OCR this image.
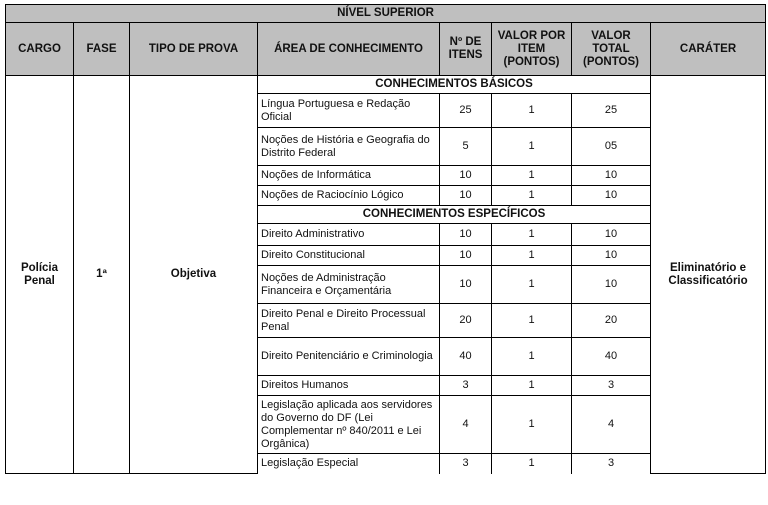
NÍVEL SUPERIOR							
CARGO	FASE	TIPO DE PROVA	ÁREA DE CONHECIMENTO	Nº DE ITENS	VALOR POR ITEM (PONTOS)	VALOR TOTAL (PONTOS)	CARÁTER
Polícia Penal	1ª	Objetiva	CONHECIMENTOS BÁSICOS				Eliminatório e Classificatório
			Língua Portuguesa e Redação Oficial	25	1	25	
			Noções de História e Geografia do Distrito Federal	5	1	05	
			Noções de Informática	10	1	10	
			Noções de Raciocínio Lógico	10	1	10	
			CONHECIMENTOS ESPECÍFICOS				
			Direito Administrativo	10	1	10	
			Direito Constitucional	10	1	10	
			Noções de Administração Financeira e Orçamentária	10	1	10	
			Direito Penal e Direito Processual Penal	20	1	20	
			Direito Penitenciário e Criminologia	40	1	40	
			Direitos Humanos	3	1	3	
			Legislação aplicada aos servidores do Governo do DF (Lei Complementar nº 840/2011 e Lei Orgânica)	4	1	4	
			Legislação Especial	3	1	3	
